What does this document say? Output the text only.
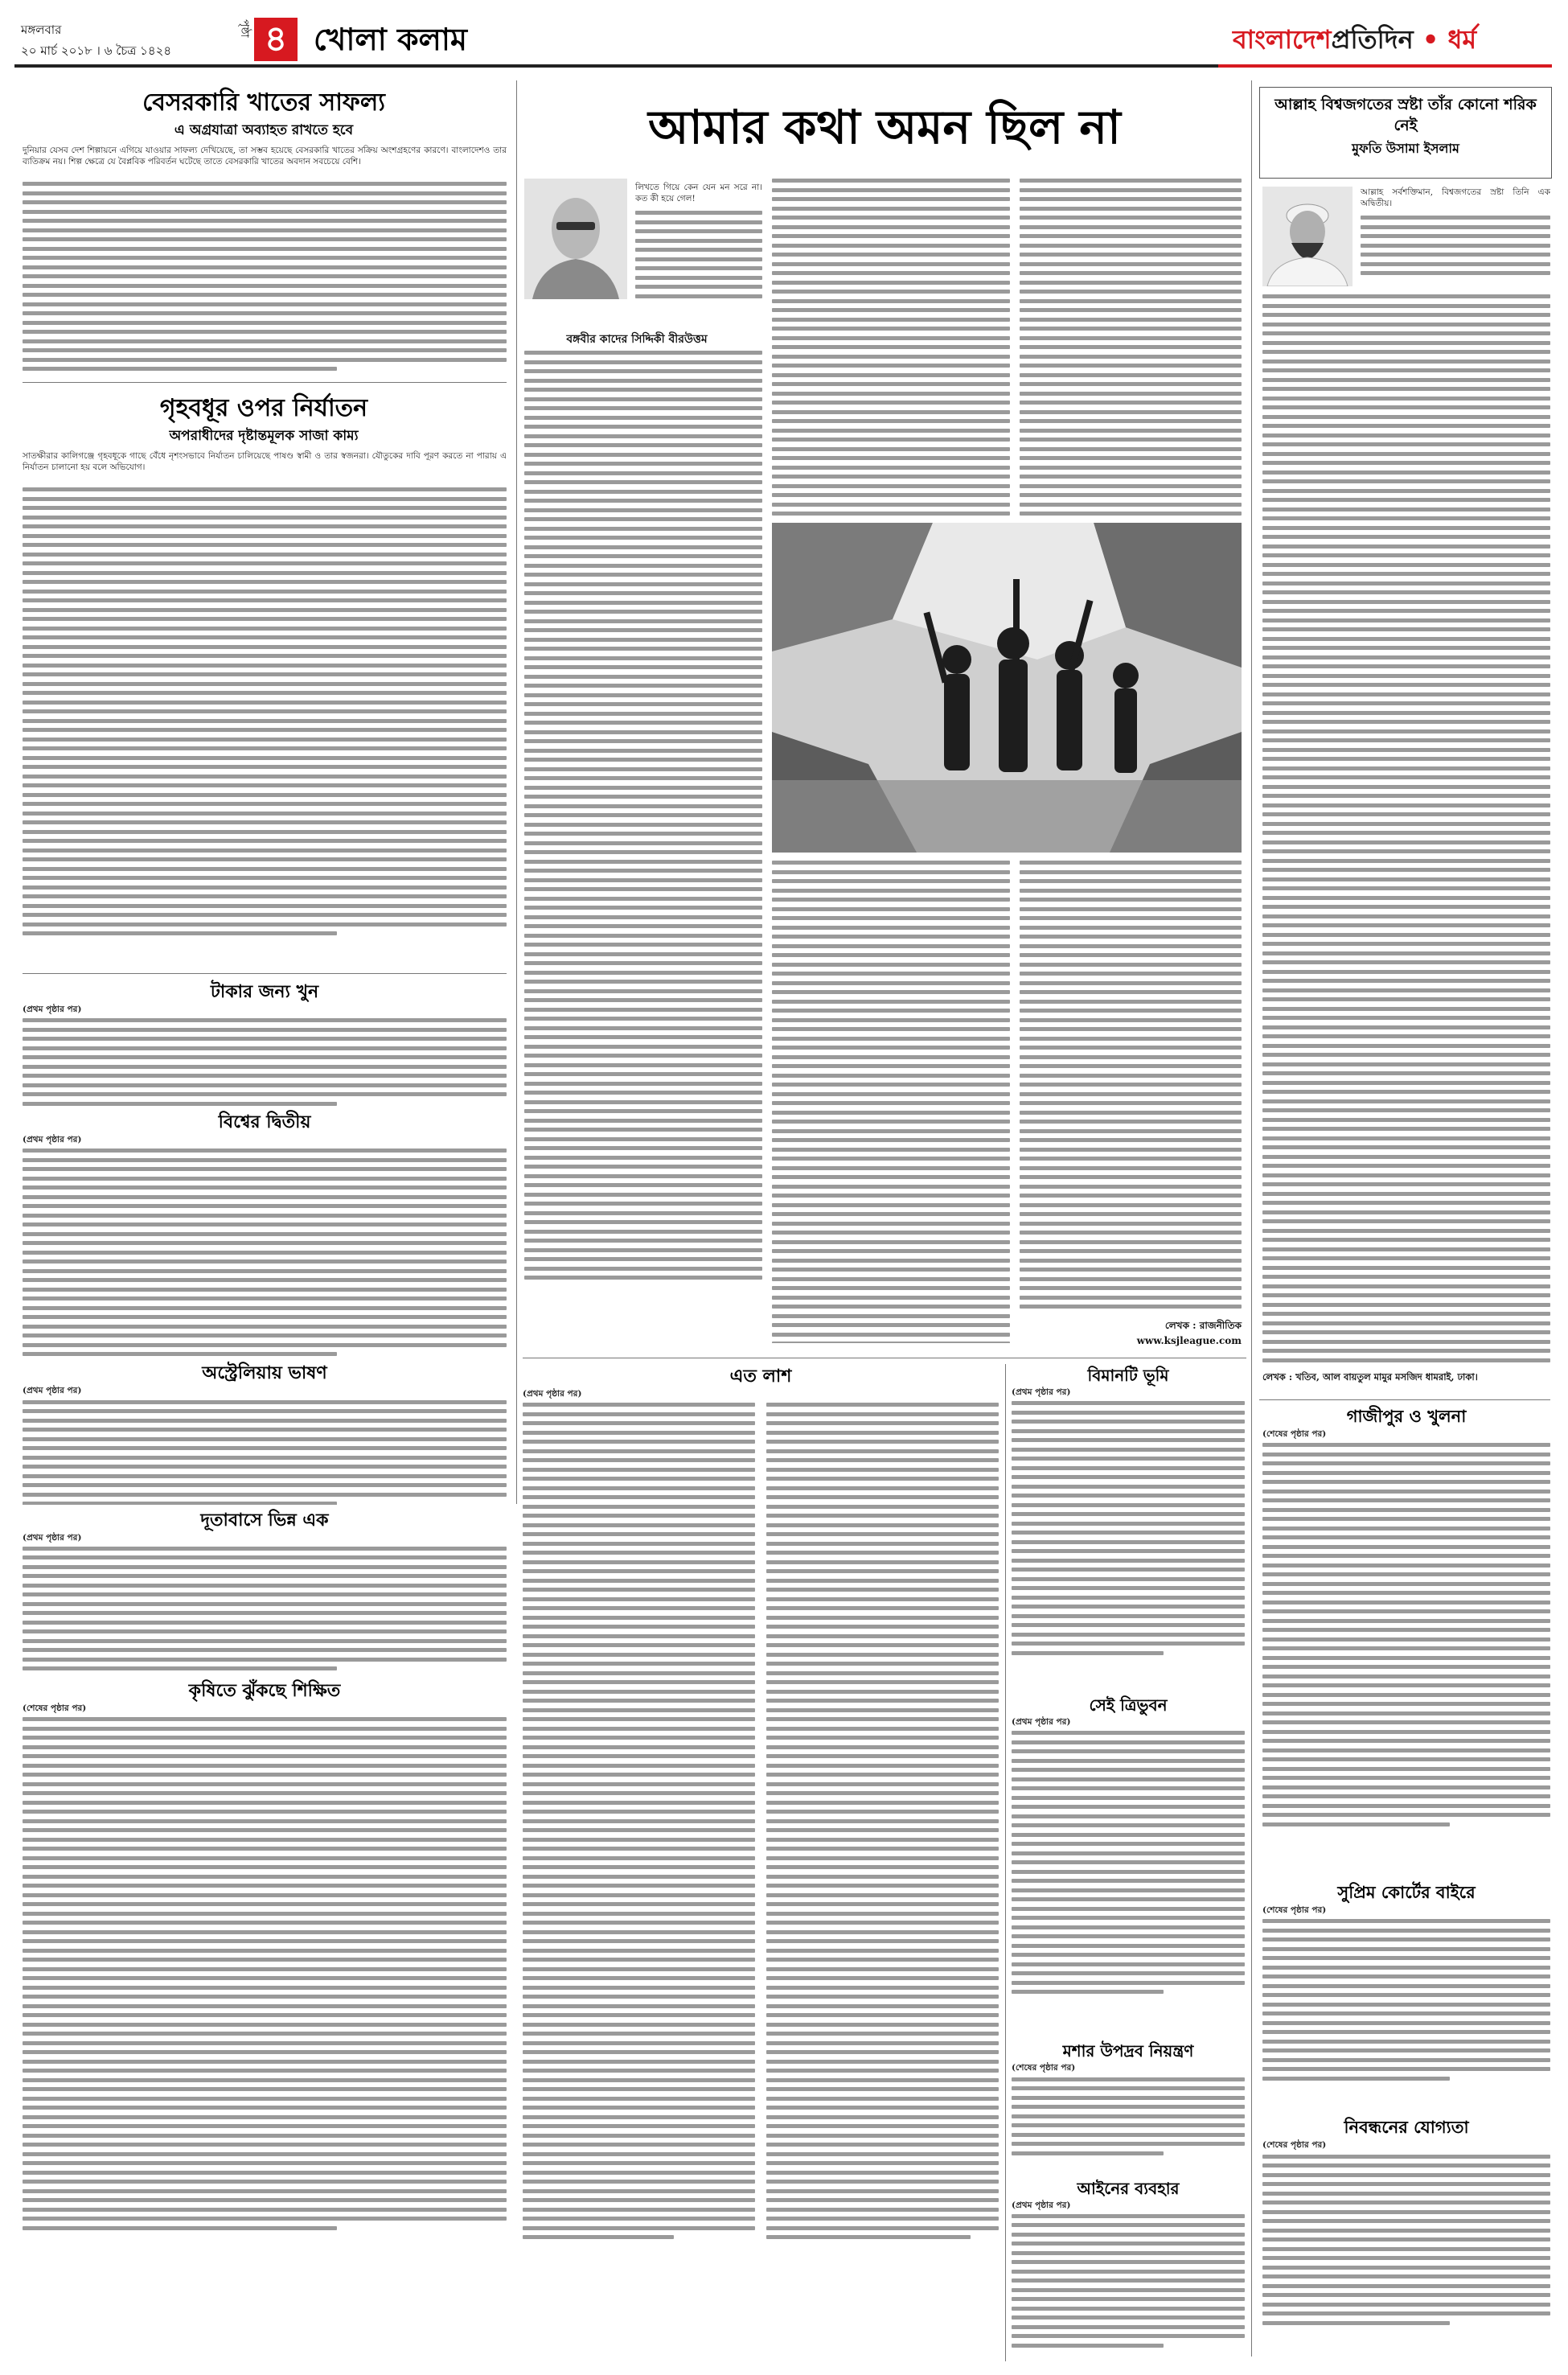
মঙ্গলবার
২০ মার্চ ২০১৮ । ৬ চৈত্র ১৪২৪
পৃষ্ঠা ৪ খোলা কলাম	বাংলাদেশপ্রতিদিন • ধর্ম
বেসরকারি খাতের সাফল্য
এ অগ্রযাত্রা অব্যাহত রাখতে হবে
দুনিয়ার যেসব দেশ শিল্পায়নে এগিয়ে যাওয়ার সাফল্য দেখিয়েছে, তা সম্ভব হয়েছে বেসরকারি খাতের সক্রিয় অংশগ্রহণের কারণে। বাংলাদেশও তার ব্যতিক্রম নয়। শিল্প ক্ষেত্রে যে বৈপ্লবিক পরিবর্তন ঘটেছে তাতে বেসরকারি খাতের অবদান সবচেয়ে বেশি।
গৃহবধূর ওপর নির্যাতন
অপরাধীদের দৃষ্টান্তমূলক সাজা কাম্য
সাতক্ষীরার কালিগঞ্জে গৃহবধূকে গাছে বেঁধে নৃশংসভাবে নির্যাতন চালিয়েছে পাষণ্ড স্বামী ও তার স্বজনরা। যৌতুকের দাবি পূরণ করতে না পারায় এ নির্যাতন চালানো হয় বলে অভিযোগ।
টাকার জন্য খুন
(প্রথম পৃষ্ঠার পর)
বিশ্বের দ্বিতীয়
(প্রথম পৃষ্ঠার পর)
অস্ট্রেলিয়ায় ভাষণ
(প্রথম পৃষ্ঠার পর)
দূতাবাসে ভিন্ন এক
(প্রথম পৃষ্ঠার পর)
কৃষিতে ঝুঁকছে শিক্ষিত
(শেষের পৃষ্ঠার পর)
আমার কথা অমন ছিল না
বঙ্গবীর কাদের সিদ্দিকী বীরউত্তম
লিখতে গিয়ে কেন যেন মন সরে না। কত কী হয়ে গেল!
লেখক : রাজনীতিক
www.ksjleague.com
আল্লাহ বিশ্বজগতের স্রষ্টা তাঁর কোনো শরিক নেই
মুফতি উসামা ইসলাম
আল্লাহ সর্বশক্তিমান, বিশ্বজগতের স্রষ্টা তিনি এক অদ্বিতীয়।
লেখক : খতিব, আল বায়তুল মামুর মসজিদ ধামরাই, ঢাকা।
গাজীপুর ও খুলনা
(শেষের পৃষ্ঠার পর)
সুপ্রিম কোর্টের বাইরে
(শেষের পৃষ্ঠার পর)
নিবন্ধনের যোগ্যতা
(শেষের পৃষ্ঠার পর)
এত লাশ
(প্রথম পৃষ্ঠার পর)
বিমানটি ভূমি
(প্রথম পৃষ্ঠার পর)
সেই ত্রিভুবন
(প্রথম পৃষ্ঠার পর)
মশার উপদ্রব নিয়ন্ত্রণ
(শেষের পৃষ্ঠার পর)
আইনের ব্যবহার
(প্রথম পৃষ্ঠার পর)
